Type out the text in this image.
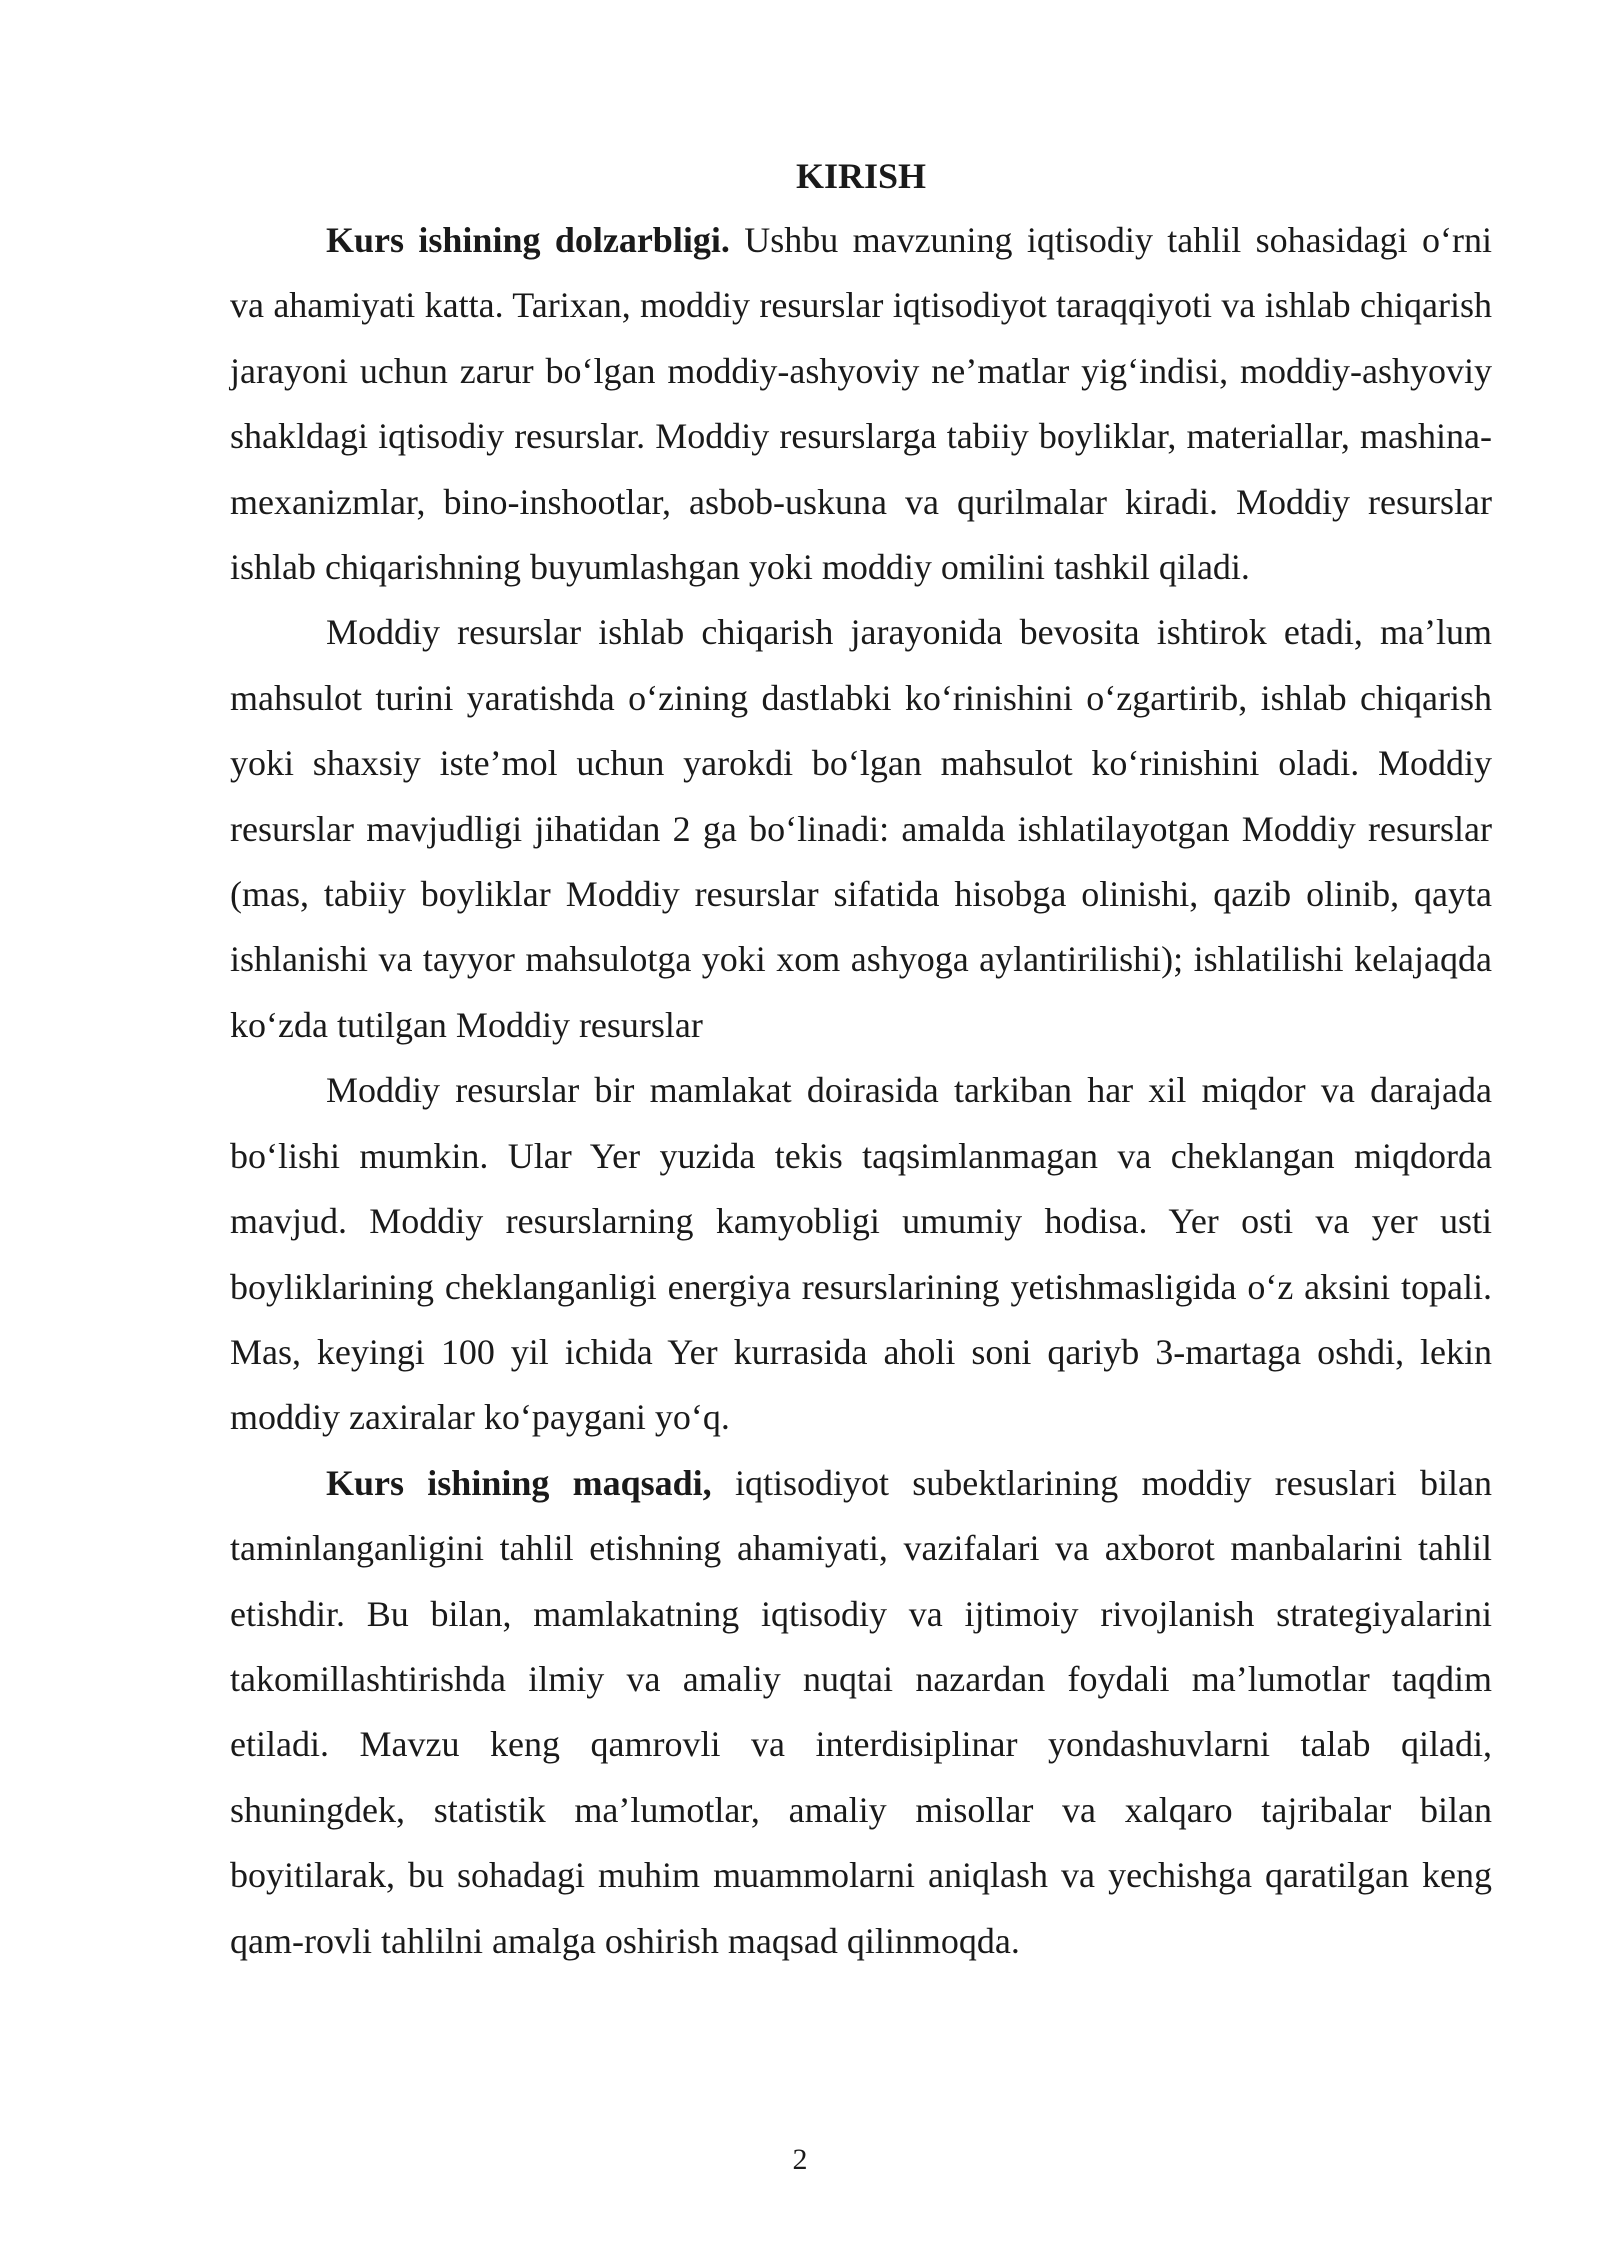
KIRISH

Kurs ishining dolzarbligi. Ushbu mavzuning iqtisodiy tahlil sohasidagi o‘rni va ahamiyati katta. Tarixan, moddiy resurslar iqtisodiyot taraqqiyoti va ishlab chiqarish jarayoni uchun zarur bo‘lgan moddiy-ashyoviy ne’matlar yig‘indisi, moddiy-ashyoviy shakldagi iqtisodiy resurslar. Moddiy resurslarga tabiiy boyliklar, materiallar, mashina-mexanizmlar, bino-inshootlar, asbob-uskuna va qurilmalar kiradi. Moddiy resurslar ishlab chiqarishning buyumlashgan yoki moddiy omilini tashkil qiladi.

Moddiy resurslar ishlab chiqarish jarayonida bevosita ishtirok etadi, ma’lum mahsulot turini yaratishda o‘zining dastlabki ko‘rinishini o‘zgartirib, ishlab chiqarish yoki shaxsiy iste’mol uchun yarokdi bo‘lgan mahsulot ko‘rinishini oladi. Moddiy resurslar mavjudligi jihatidan 2 ga bo‘linadi: amalda ishlatilayotgan Moddiy resurslar (mas, tabiiy boyliklar Moddiy resurslar sifatida hisobga olinishi, qazib olinib, qayta ishlanishi va tayyor mahsulotga yoki xom ashyoga aylantirilishi); ishlatilishi kelajaqda ko‘zda tutilgan Moddiy resurslar

Moddiy resurslar bir mamlakat doirasida tarkiban har xil miqdor va darajada bo‘lishi mumkin. Ular Yer yuzida tekis taqsimlanmagan va cheklangan miqdorda mavjud. Moddiy resurslarning kamyobligi umumiy hodisa. Yer osti va yer usti boyliklarining cheklanganligi energiya resurslarining yetishmasligida o‘z aksini topali. Mas, keyingi 100 yil ichida Yer kurrasida aholi soni qariyb 3-martaga oshdi, lekin moddiy zaxiralar ko‘paygani yo‘q.

Kurs ishining maqsadi, iqtisodiyot subektlarining moddiy resuslari bilan taminlanganligini tahlil etishning ahamiyati, vazifalari va axborot manbalarini tahlil etishdir. Bu bilan, mamlakatning iqtisodiy va ijtimoiy rivojlanish strategiyalarini takomillashtirishda ilmiy va amaliy nuqtai nazardan foydali ma’lumotlar taqdim etiladi. Mavzu keng qamrovli va interdisiplinar yondashuvlarni talab qiladi, shuningdek, statistik ma’lumotlar, amaliy misollar va xalqaro tajribalar bilan boyitilarak, bu sohadagi muhim muammolarni aniqlash va yechishga qaratilgan keng qam-rovli tahlilni amalga oshirish maqsad qilinmoqda.

2
